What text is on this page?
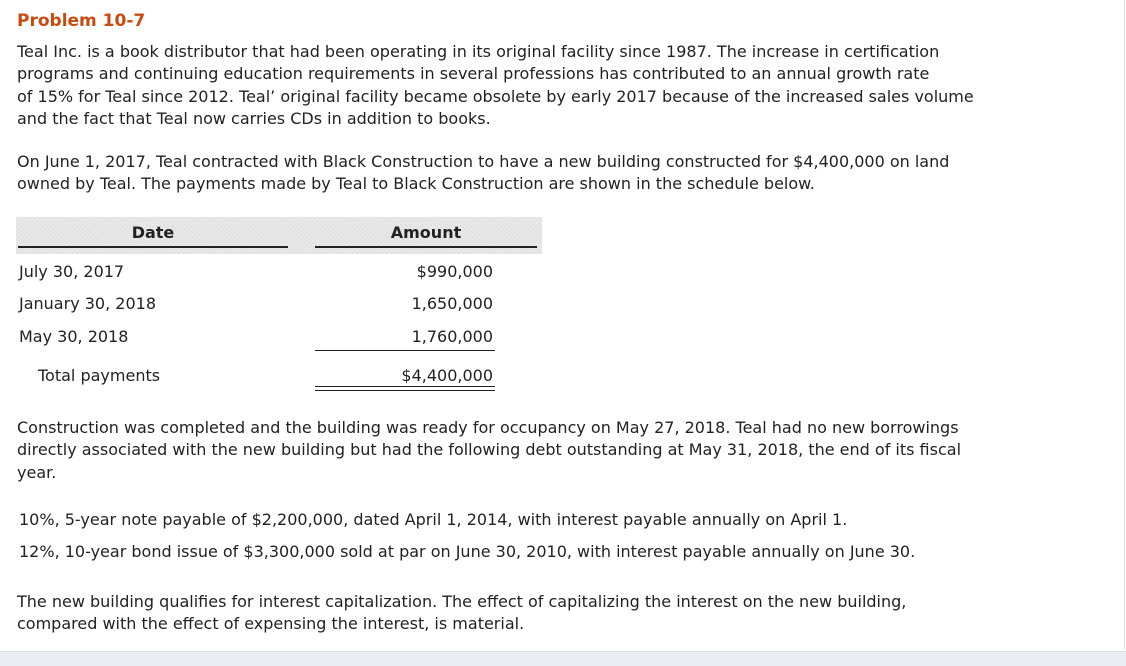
Problem 10-7

Teal Inc. is a book distributor that had been operating in its original facility since 1987. The increase in certification
programs and continuing education requirements in several professions has contributed to an annual growth rate
of 15% for Teal since 2012. Teal’ original facility became obsolete by early 2017 because of the increased sales volume
and the fact that Teal now carries CDs in addition to books.

On June 1, 2017, Teal contracted with Black Construction to have a new building constructed for $4,400,000 on land
owned by Teal. The payments made by Teal to Black Construction are shown in the schedule below.

Date	Amount
July 30, 2017	$990,000
January 30, 2018	1,650,000
May 30, 2018	1,760,000
Total payments	$4,400,000

Construction was completed and the building was ready for occupancy on May 27, 2018. Teal had no new borrowings
directly associated with the new building but had the following debt outstanding at May 31, 2018, the end of its fiscal
year.

10%, 5-year note payable of $2,200,000, dated April 1, 2014, with interest payable annually on April 1.

12%, 10-year bond issue of $3,300,000 sold at par on June 30, 2010, with interest payable annually on June 30.

The new building qualifies for interest capitalization. The effect of capitalizing the interest on the new building,
compared with the effect of expensing the interest, is material.
